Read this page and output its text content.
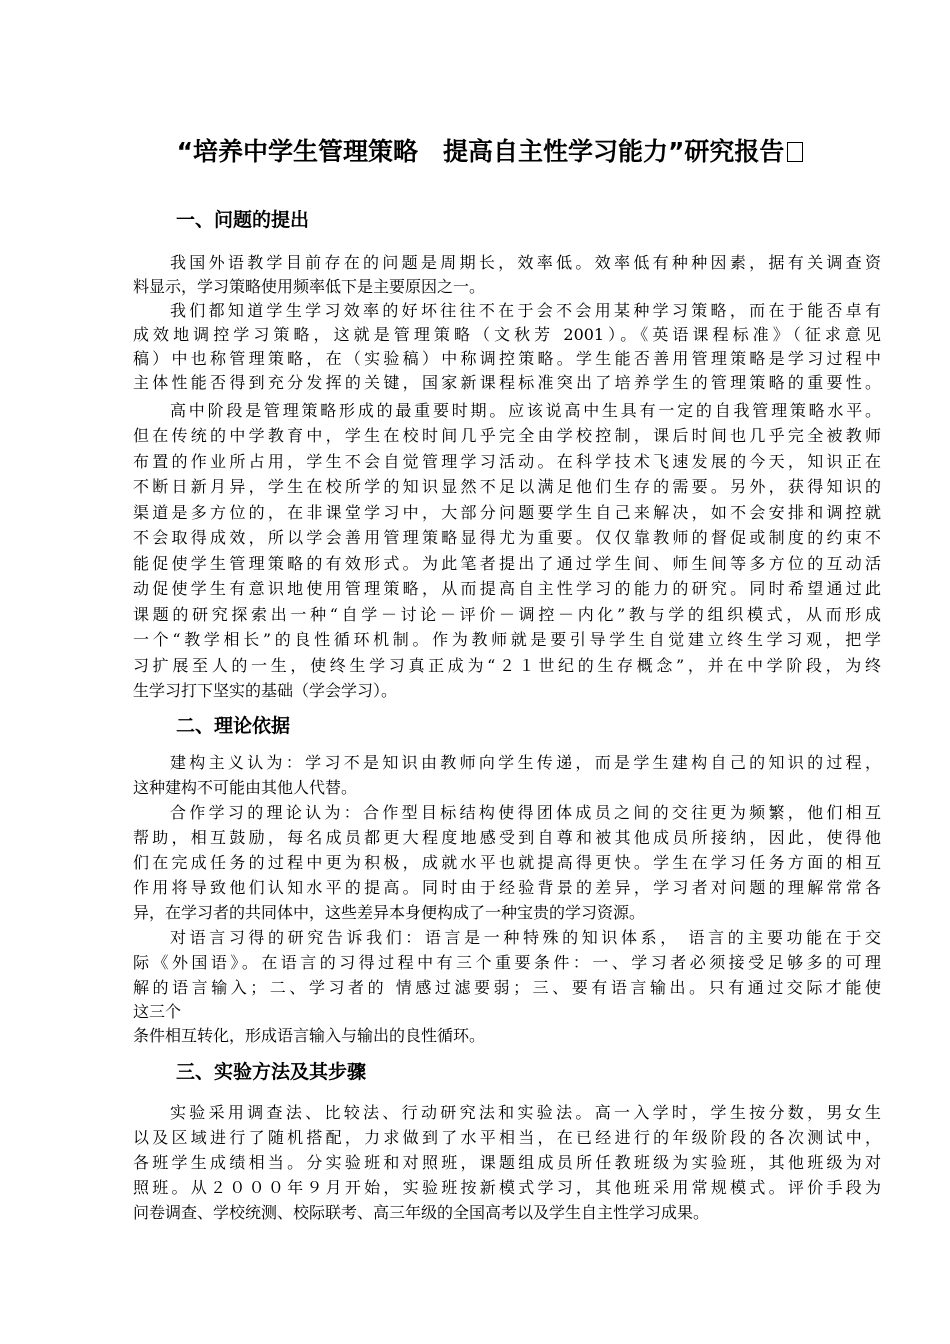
“培养中学生管理策略　提高自主性学习能力”研究报告
一、问题的提出
我国外语教学目前存在的问题是周期长，效率低。效率低有种种因素，据有关调查资
料显示，学习策略使用频率低下是主要原因之一。
我们都知道学生学习效率的好坏往往不在于会不会用某种学习策略，而在于能否卓有
成效地调控学习策略，这就是管理策略（文秋芳 2001）。《英语课程标准》（征求意见
稿）中也称管理策略，在（实验稿）中称调控策略。学生能否善用管理策略是学习过程中
主体性能否得到充分发挥的关键，国家新课程标准突出了培养学生的管理策略的重要性。
高中阶段是管理策略形成的最重要时期。应该说高中生具有一定的自我管理策略水平。
但在传统的中学教育中，学生在校时间几乎完全由学校控制，课后时间也几乎完全被教师
布置的作业所占用，学生不会自觉管理学习活动。在科学技术飞速发展的今天，知识正在
不断日新月异，学生在校所学的知识显然不足以满足他们生存的需要。另外，获得知识的
渠道是多方位的，在非课堂学习中，大部分问题要学生自己来解决，如不会安排和调控就
不会取得成效，所以学会善用管理策略显得尤为重要。仅仅靠教师的督促或制度的约束不
能促使学生管理策略的有效形式。为此笔者提出了通过学生间、师生间等多方位的互动活
动促使学生有意识地使用管理策略，从而提高自主性学习的能力的研究。同时希望通过此
课题的研究探索出一种“自学－讨论－评价－调控－内化”教与学的组织模式，从而形成
一个“教学相长”的良性循环机制。作为教师就是要引导学生自觉建立终生学习观，把学
习扩展至人的一生，使终生学习真正成为“２１世纪的生存概念”，并在中学阶段，为终
生学习打下坚实的基础（学会学习）。
二、理论依据
建构主义认为：学习不是知识由教师向学生传递，而是学生建构自己的知识的过程，
这种建构不可能由其他人代替。
合作学习的理论认为：合作型目标结构使得团体成员之间的交往更为频繁，他们相互
帮助，相互鼓励，每名成员都更大程度地感受到自尊和被其他成员所接纳，因此，使得他
们在完成任务的过程中更为积极，成就水平也就提高得更快。学生在学习任务方面的相互
作用将导致他们认知水平的提高。同时由于经验背景的差异，学习者对问题的理解常常各
异，在学习者的共同体中，这些差异本身便构成了一种宝贵的学习资源。
对语言习得的研究告诉我们：语言是一种特殊的知识体系， 语言的主要功能在于交
际《外国语》。在语言的习得过程中有三个重要条件：一、学习者必须接受足够多的可理
解的语言输入；二、学习者的 情感过滤要弱；三、要有语言输出。只有通过交际才能使
这三个
条件相互转化，形成语言输入与输出的良性循环。
三、实验方法及其步骤
实验采用调查法、比较法、行动研究法和实验法。高一入学时，学生按分数，男女生
以及区域进行了随机搭配，力求做到了水平相当，在已经进行的年级阶段的各次测试中，
各班学生成绩相当。分实验班和对照班，课题组成员所任教班级为实验班，其他班级为对
照班。从２０００年９月开始，实验班按新模式学习，其他班采用常规模式。评价手段为
问卷调查、学校统测、校际联考、高三年级的全国高考以及学生自主性学习成果。
